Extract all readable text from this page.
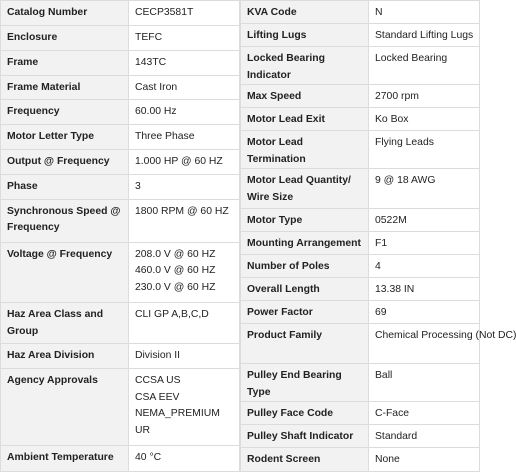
Catalog Number	CECP3581T

Enclosure	TEFC

Frame	143TC

Frame Material	Cast Iron

Frequency	60.00 Hz

Motor Letter Type	Three Phase

Output @ Frequency	1.000 HP @ 60 HZ

Phase	3

Synchronous Speed @ Frequency	1800 RPM @ 60 HZ

Voltage @ Frequency	208.0 V @ 60 HZ
460.0 V @ 60 HZ
230.0 V @ 60 HZ

Haz Area Class and Group	CLI GP A,B,C,D

Haz Area Division	Division II

Agency Approvals	CCSA US
CSA EEV
NEMA_PREMIUM
UR

Ambient Temperature	40 °C
KVA Code	N

Lifting Lugs	Standard Lifting Lugs

Locked Bearing Indicator	Locked Bearing

Max Speed	2700 rpm

Motor Lead Exit	Ko Box

Motor Lead Termination	Flying Leads

Motor Lead Quantity/ Wire Size	9 @ 18 AWG

Motor Type	0522M

Mounting Arrangement	F1

Number of Poles	4

Overall Length	13.38 IN

Power Factor	69

Product Family	Chemical Processing (Not DC)

Pulley End Bearing Type	Ball

Pulley Face Code	C-Face

Pulley Shaft Indicator	Standard

Rodent Screen	None
